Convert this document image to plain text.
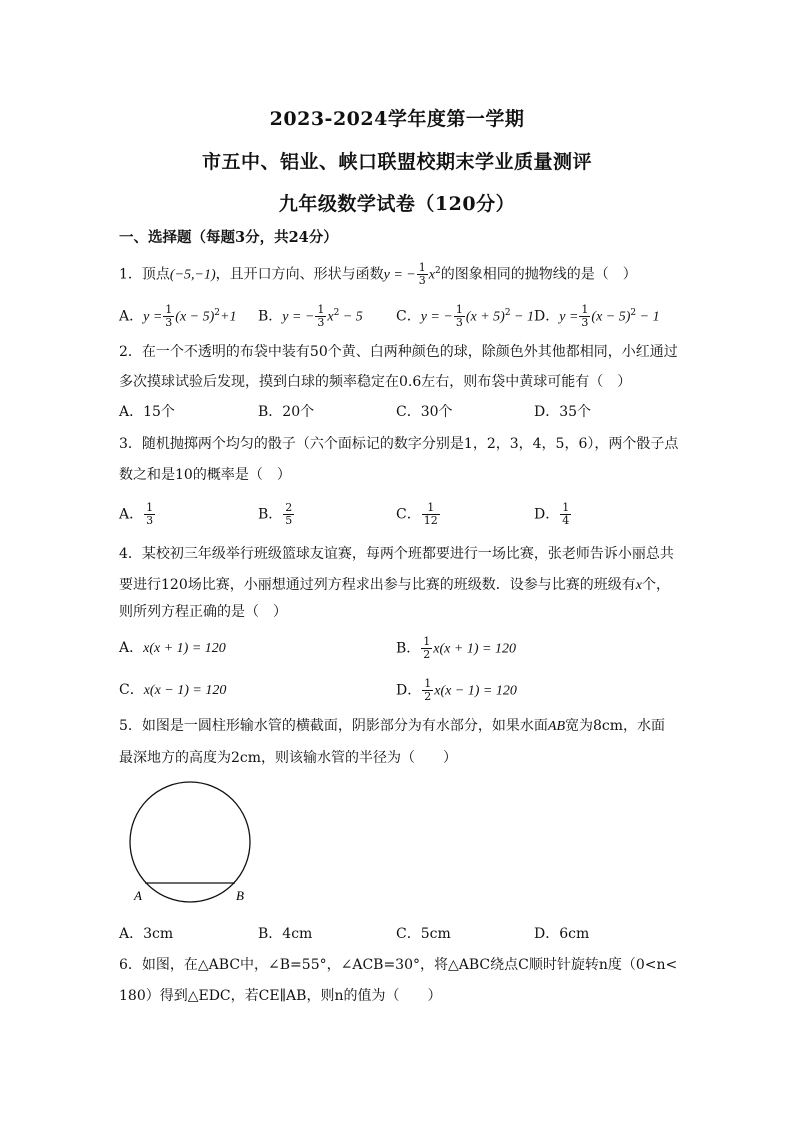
2023-2024学年度第一学期
市五中、铝业、峡口联盟校期末学业质量测评
九年级数学试卷（120分）
一、选择题（每题3分，共24分）
1．顶点(−5,−1)，且开口方向、形状与函数y = − $\frac{1}{3} x^2$的图象相同的抛物线的是（　）
A．$y = \frac{1}{3} (x - 5)^2+1$ B．y = − $\frac{1}{3} x^2 - 5$ C．y = − $\frac{1}{3} (x + 5)^2 - 1$ D．$y = \frac{1}{3} (x - 5)^2 - 1$
2．在一个不透明的布袋中装有50个黄、白两种颜色的球，除颜色外其他都相同，小红通过
多次摸球试验后发现，摸到白球的频率稳定在0.6左右，则布袋中黄球可能有（　）
A．15个	B．20个	C．30个	D．35个
3．随机抛掷两个均匀的骰子（六个面标记的数字分别是1，2，3，4，5，6），两个骰子点
数之和是10的概率是（　）
A． $\frac{1}{3}$	B． $\frac{2}{5}$	C． $\frac{1}{12}$	D． $\frac{1}{4}$
4．某校初三年级举行班级篮球友谊赛，每两个班都要进行一场比赛，张老师告诉小丽总共
要进行120场比赛，小丽想通过列方程求出参与比赛的班级数．设参与比赛的班级有x个，
则所列方程正确的是（　）
A．x(x + 1) = 120	B． $\frac{1}{2} x(x + 1) = 120$
C．x(x − 1) = 120	D． $\frac{1}{2} x(x - 1) = 120$
5．如图是一圆柱形输水管的横截面，阴影部分为有水部分，如果水面AB宽为8cm，水面
最深地方的高度为2cm，则该输水管的半径为（　　）
A	B
A．3cm	B．4cm	C．5cm	D．6cm
6．如图，在△ABC中，∠B=55°，∠ACB=30°，将△ABC绕点C顺时针旋转n度（0<n<
180）得到△EDC，若CE∥AB，则n的值为（　　）
